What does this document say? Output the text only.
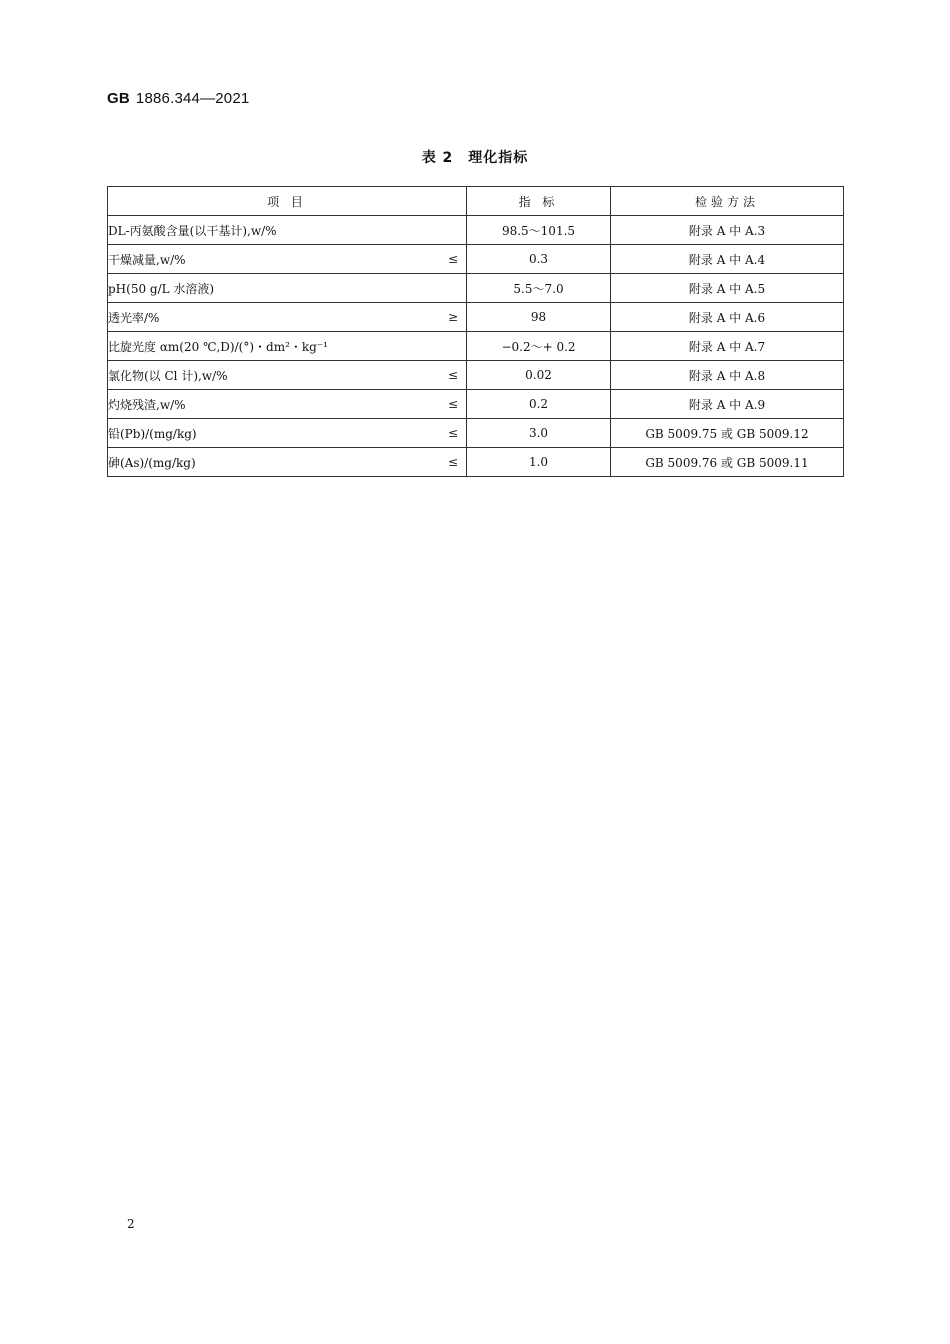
GB 1886.344—2021
表 2　理化指标
项 目	指 标	检验方法
DL-丙氨酸含量(以干基计),w/%	98.5～101.5	附录 A 中 A.3
干燥减量,w/% ≤	0.3	附录 A 中 A.4
pH(50 g/L 水溶液)	5.5～7.0	附录 A 中 A.5
透光率/% ≥	98	附录 A 中 A.6
比旋光度 αm(20 ℃,D)/(°)・dm²・kg⁻¹	−0.2～+ 0.2	附录 A 中 A.7
氯化物(以 Cl 计),w/% ≤	0.02	附录 A 中 A.8
灼烧残渣,w/% ≤	0.2	附录 A 中 A.9
铅(Pb)/(mg/kg) ≤	3.0	GB 5009.75 或 GB 5009.12
砷(As)/(mg/kg) ≤	1.0	GB 5009.76 或 GB 5009.11
2
